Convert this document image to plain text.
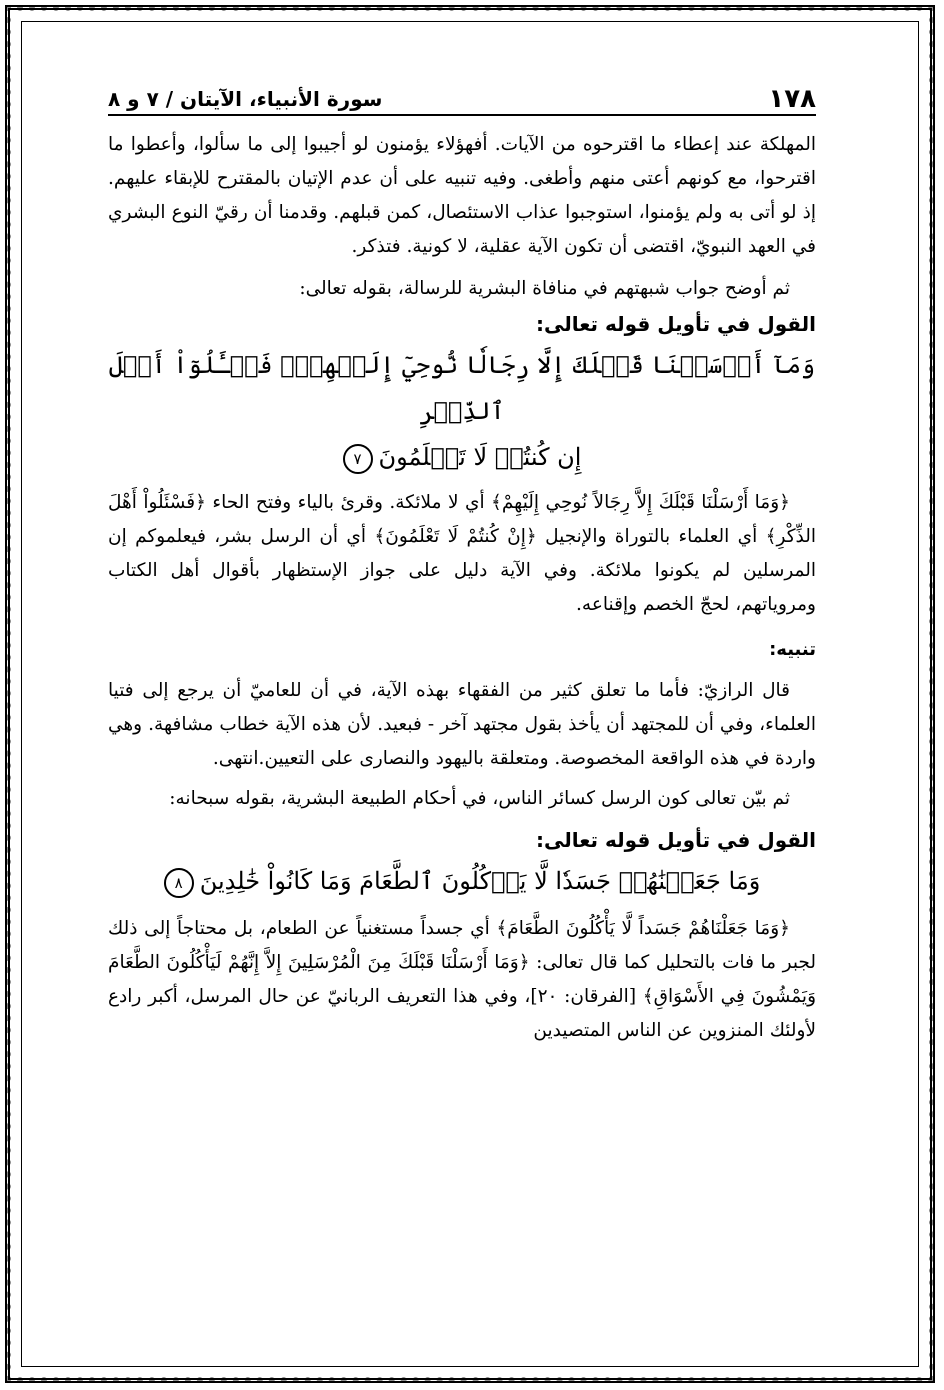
١٧٨
سورة الأنبياء، الآيتان / ٧ و ٨

المهلكة عند إعطاء ما اقترحوه من الآيات. أفهؤلاء يؤمنون لو أجيبوا إلى ما سألوا، وأعطوا ما اقترحوا، مع كونهم أعتى منهم وأطغى. وفيه تنبيه على أن عدم الإتيان بالمقترح للإبقاء عليهم. إذ لو أتى به ولم يؤمنوا، استوجبوا عذاب الاستئصال، كمن قبلهم. وقدمنا أن رقيّ النوع البشري في العهد النبويّ، اقتضى أن تكون الآية عقلية، لا كونية. فتذكر.

ثم أوضح جواب شبهتهم في منافاة البشرية للرسالة، بقوله تعالى:

القول في تأويل قوله تعالى:

وَمَآ أَرۡسَلۡنَا قَبۡلَكَ إِلَّا رِجَالٗا نُّوحِيٓ إِلَيۡهِمۡۖ فَسۡـَٔلُوٓاْ أَهۡلَ ٱلذِّكۡرِ

إِن كُنتُمۡ لَا تَعۡلَمُونَ٧

﴿وَمَا أَرْسَلْنَا قَبْلَكَ إِلاَّ رِجَالاً نُوحِي إِلَيْهِمْ﴾ أي لا ملائكة. وقرئ بالياء وفتح الحاء ﴿فَسْئَلُواْ أَهْلَ الذِّكْرِ﴾ أي العلماء بالتوراة والإنجيل ﴿إِنْ كُنتُمْ لَا تَعْلَمُونَ﴾ أي أن الرسل بشر، فيعلموكم إن المرسلين لم يكونوا ملائكة. وفي الآية دليل على جواز الإستظهار بأقوال أهل الكتاب ومروياتهم، لحجّ الخصم وإقناعه.

تنبيه:

قال الرازيّ: فأما ما تعلق كثير من الفقهاء بهذه الآية، في أن للعاميّ أن يرجع إلى فتيا العلماء، وفي أن للمجتهد أن يأخذ بقول مجتهد آخر - فبعيد. لأن هذه الآية خطاب مشافهة. وهي واردة في هذه الواقعة المخصوصة. ومتعلقة باليهود والنصارى على التعيين.انتهى.

ثم بيّن تعالى كون الرسل كسائر الناس، في أحكام الطبيعة البشرية، بقوله سبحانه:

القول في تأويل قوله تعالى:

وَمَا جَعَلۡنَٰهُمۡ جَسَدٗا لَّا يَأۡكُلُونَ ٱلطَّعَامَ وَمَا كَانُواْ خَٰلِدِينَ٨

﴿وَمَا جَعَلْنَاهُمْ جَسَداً لَّا يَأْكُلُونَ الطَّعَامَ﴾ أي جسداً مستغنياً عن الطعام، بل محتاجاً إلى ذلك لجبر ما فات بالتحليل كما قال تعالى: ﴿وَمَا أَرْسَلْنَا قَبْلَكَ مِنَ الْمُرْسَلِينَ إِلاَّ إِنَّهُمْ لَيَأْكُلُونَ الطَّعَامَ وَيَمْشُونَ فِي الأَسْوَاقِ﴾ [الفرقان: ٢٠]، وفي هذا التعريف الربانيّ عن حال المرسل، أكبر رادع لأولئك المنزوين عن الناس المتصيدين
